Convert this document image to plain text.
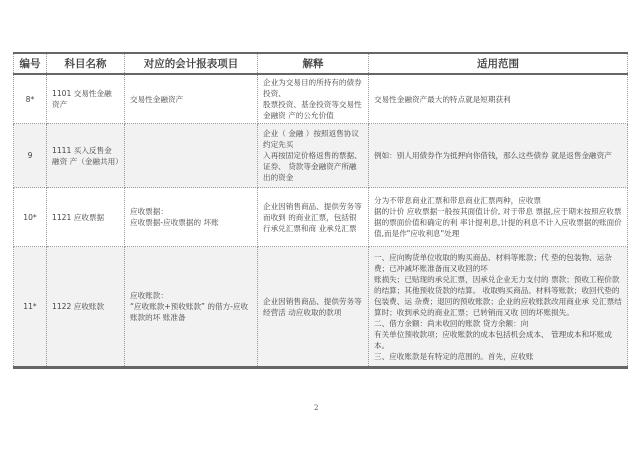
编号	科目名称	对应的会计报表项目	解释	适用范围
8*	1101 交易性金融资产	交易性金融资产	企业为交易目的所持有的债券投资、
股票投资、基金投资等交易性金融资 产的公允价值	交易性金融资产最大的特点就是短期获利

9	1111 买入反售金融资 产（金融共用）		企业（ 金融 ）按照返售协议约定先买
入再按固定价格返售的票据、证券、 贷款等金融资产所融出的资金	例如：别人用债券作为抵押向你借钱，那么这些债券 就是返售金融资产

10*	1121 应收票据	应收票据：
应收票据-应收票据的 坏账	企业因销售商品、提供劳务等而收到 的商业汇票，包括银行承兑汇票和商 业承兑汇票	分为不带息商业汇票和带息商业汇票两种，应收票
据的计价 应收票据一般按其面值计价, 对于带息 票据,应于期末按照应收票据的票面价值和确定的利 率计提利息,计提的利息不计入应收票据的账面价 值,而是作"应收利息"处理

11*	1122 应收账款	应收账款：
“应收账款+预收账款” 的借方-应收账款的坏 账准备	企业因销售商品、提供劳务等经营活 动应收取的款项	一、应向购货单位收取的购买商品、材料等账款；代 垫的包装物、运杂费；已冲减坏账准备而又收回的坏
账损失；已贴现的承兑汇票，因承兑企业无力支付的 票款；预收工程价款的结算；其他预收货款的结算。 收取购买商品、材料等账款；收回代垫的包装费、运 杂费；退回的预收账款；企业的应收账款改用商业承 兑汇票结算时；收到承兑的商业汇票；已转销而又收 回的坏账损失。
二、借方余额：尚未收回的账款 贷方余额：向
有关单位预收款项；应收账款的成本包括机会成本、 管理成本和坏账成本。
三、应收账款是有特定的范围的。首先，应收账
2
